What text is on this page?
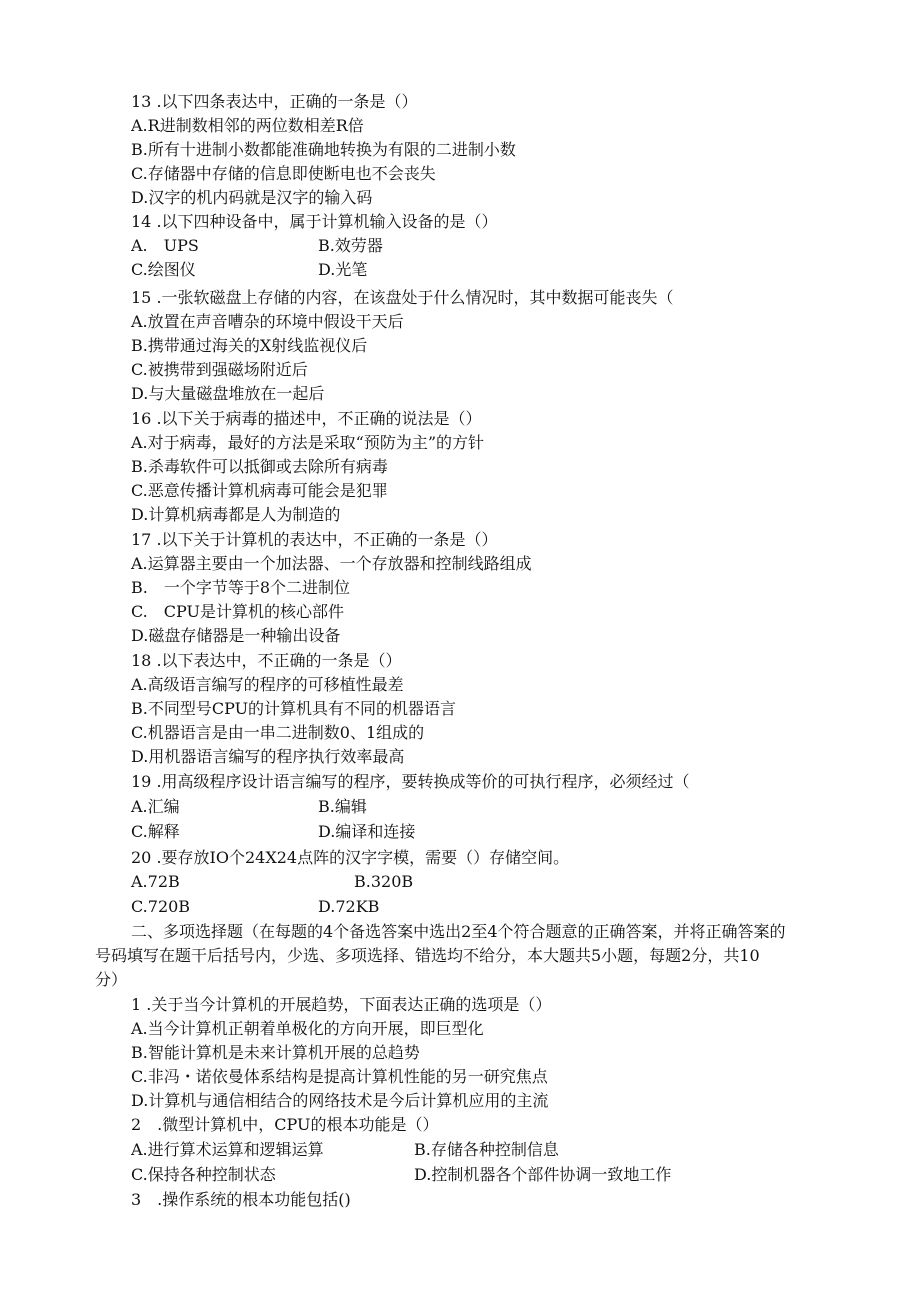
13 .以下四条表达中，正确的一条是（）
A.R进制数相邻的两位数相差R倍
B.所有十进制小数都能准确地转换为有限的二进制小数
C.存储器中存储的信息即使断电也不会丧失
D.汉字的机内码就是汉字的输入码
14 .以下四种设备中，属于计算机输入设备的是（）
A.　UPS	B.效劳器
C.绘图仪	D.光笔
15 .一张软磁盘上存储的内容，在该盘处于什么情况时，其中数据可能丧失（
A.放置在声音嘈杂的环境中假设干天后
B.携带通过海关的X射线监视仪后
C.被携带到强磁场附近后
D.与大量磁盘堆放在一起后
16 .以下关于病毒的描述中，不正确的说法是（）
A.对于病毒，最好的方法是采取“预防为主”的方针
B.杀毒软件可以抵御或去除所有病毒
C.恶意传播计算机病毒可能会是犯罪
D.计算机病毒都是人为制造的
17 .以下关于计算机的表达中，不正确的一条是（）
A.运算器主要由一个加法器、一个存放器和控制线路组成
B.　一个字节等于8个二进制位
C.　CPU是计算机的核心部件
D.磁盘存储器是一种输出设备
18 .以下表达中，不正确的一条是（）
A.高级语言编写的程序的可移植性最差
B.不同型号CPU的计算机具有不同的机器语言
C.机器语言是由一串二进制数0、1组成的
D.用机器语言编写的程序执行效率最高
19 .用高级程序设计语言编写的程序，要转换成等价的可执行程序，必须经过（
A.汇编	B.编辑
C.解释	D.编译和连接
20 .要存放IO个24X24点阵的汉字字模，需要（）存储空间。
A.72B	B.320B
C.720B	D.72KB
二、多项选择题（在每题的4个备选答案中选出2至4个符合题意的正确答案，并将正确答案的
号码填写在题干后括号内，少选、多项选择、错选均不给分，本大题共5小题，每题2分，共10
分）
1 .关于当今计算机的开展趋势，下面表达正确的选项是（）
A.当今计算机正朝着单极化的方向开展，即巨型化
B.智能计算机是未来计算机开展的总趋势
C.非冯・诺依曼体系结构是提高计算机性能的另一研究焦点
D.计算机与通信相结合的网络技术是今后计算机应用的主流
2　.微型计算机中，CPU的根本功能是（）
A.进行算术运算和逻辑运算	B.存储各种控制信息
C.保持各种控制状态	D.控制机器各个部件协调一致地工作
3　.操作系统的根本功能包括()
